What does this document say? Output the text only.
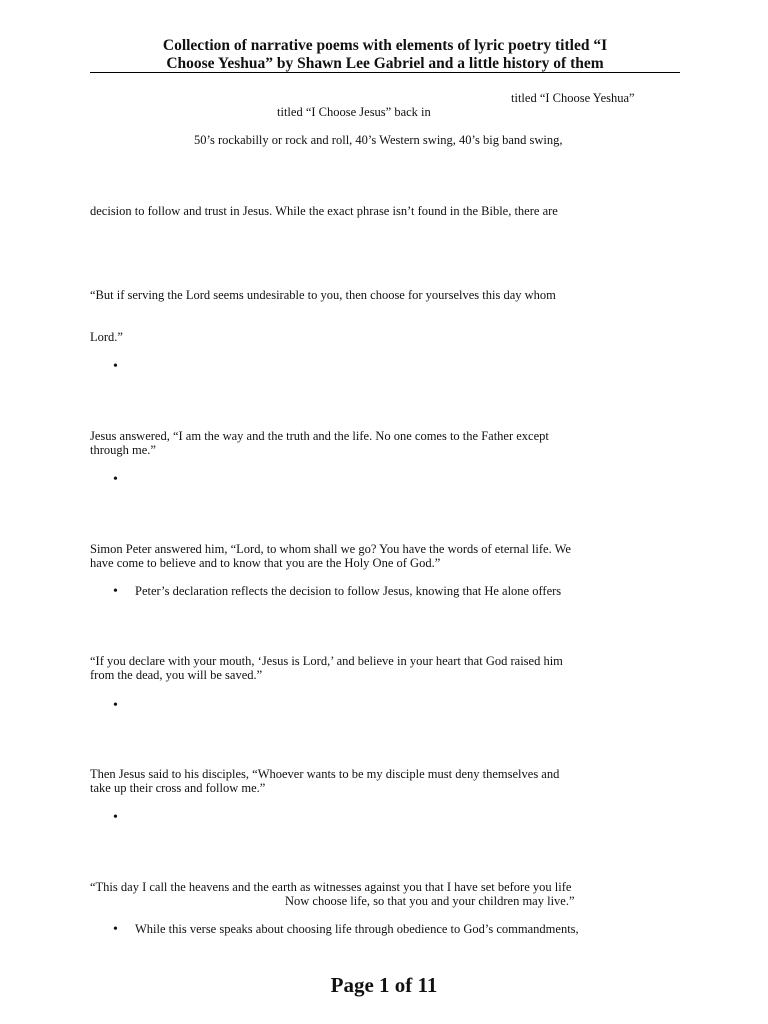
Collection of narrative poems with elements of lyric poetry titled “I
Choose Yeshua” by Shawn Lee Gabriel and a little history of them
titled “I Choose Yeshua”
titled “I Choose Jesus” back in
50’s rockabilly or rock and roll, 40’s Western swing, 40’s big band swing,
decision to follow and trust in Jesus. While the exact phrase isn’t found in the Bible, there are
“But if serving the Lord seems undesirable to you, then choose for yourselves this day whom
Lord.”
•
Jesus answered, “I am the way and the truth and the life. No one comes to the Father except
through me.”
•
Simon Peter answered him, “Lord, to whom shall we go? You have the words of eternal life. We
have come to believe and to know that you are the Holy One of God.”
• Peter’s declaration reflects the decision to follow Jesus, knowing that He alone offers
“If you declare with your mouth, ‘Jesus is Lord,’ and believe in your heart that God raised him
from the dead, you will be saved.”
•
Then Jesus said to his disciples, “Whoever wants to be my disciple must deny themselves and
take up their cross and follow me.”
•
“This day I call the heavens and the earth as witnesses against you that I have set before you life
Now choose life, so that you and your children may live.”
• While this verse speaks about choosing life through obedience to God’s commandments,
Page 1 of 11
